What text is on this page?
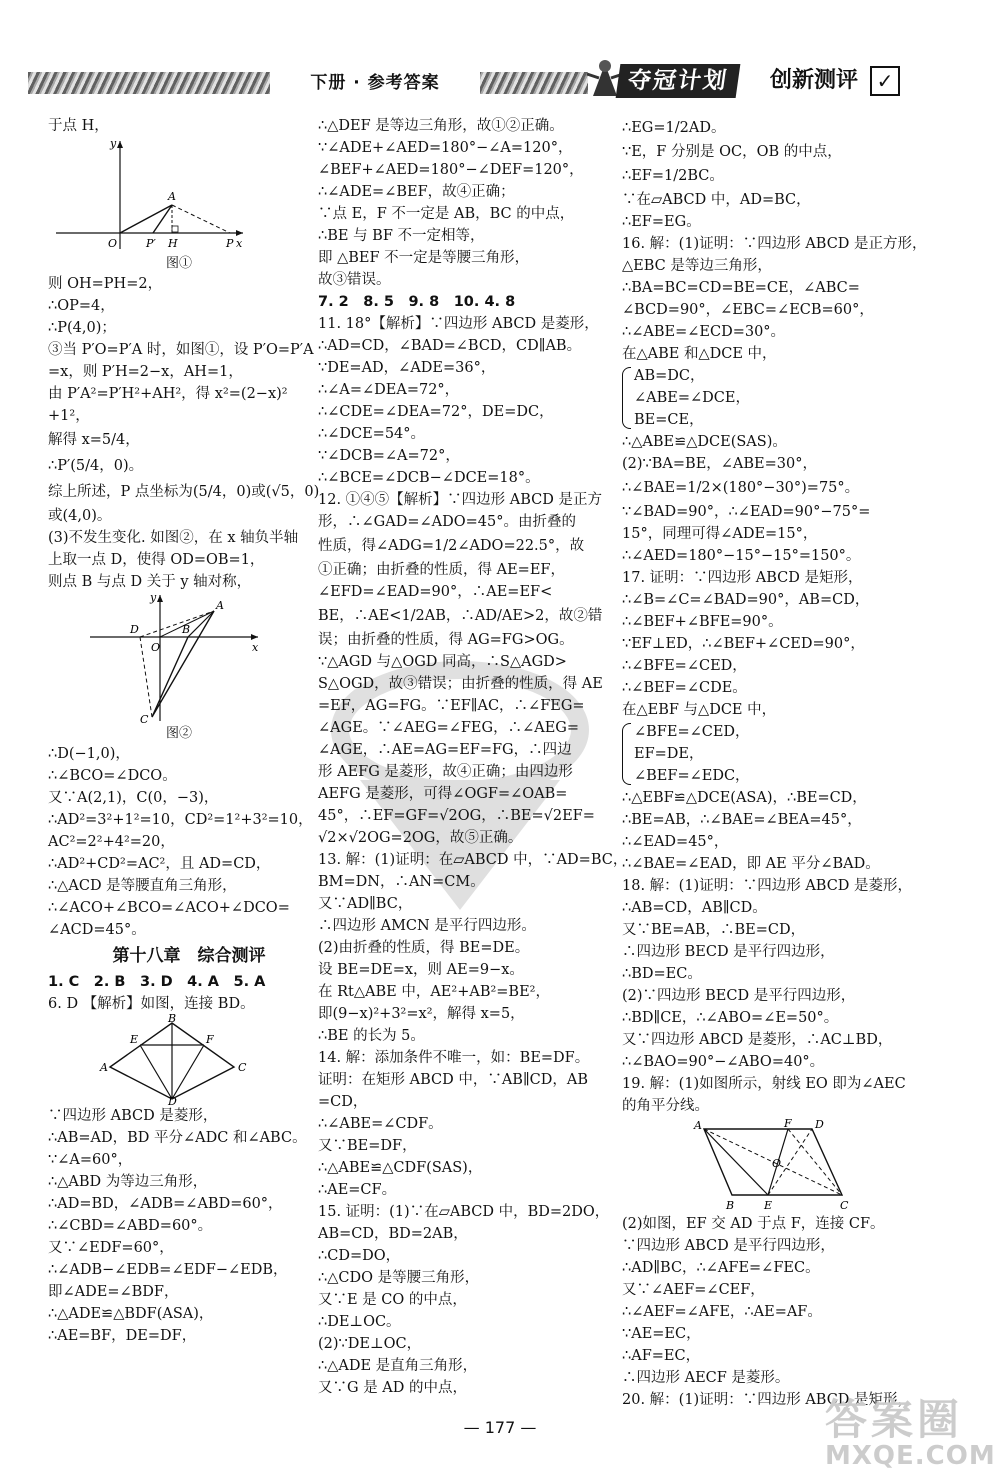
下册 · 参考答案	夺冠计划	创新测评 ✓
于点 H，
y
x
O
A
P′ H	P
图①
则 OH=PH=2，
∴OP=4，
∴P(4,0)；
③当 P′O=P′A 时，如图①，设 P′O=P′A
=x，则 P′H=2−x，AH=1，
由 P′A²=P′H²+AH²，得 x²=(2−x)²
+1²，
解得 x=5/4，
∴P′(5/4，0)。
综上所述，P 点坐标为(5/4，0)或(√5，0)
或(4,0)。
(3)不发生变化. 如图②，在 x 轴负半轴
上取一点 D，使得 OD=OB=1，
则点 B 与点 D 关于 y 轴对称，
y
x
D
O
B
A
C
图②
∴D(−1,0)，
∴∠BCO=∠DCO。
又∵A(2,1)，C(0，−3)，
∴AD²=3²+1²=10，CD²=1²+3²=10，
AC²=2²+4²=20，
∴AD²+CD²=AC²，且 AD=CD，
∴△ACD 是等腰直角三角形，
∴∠ACO+∠BCO=∠ACO+∠DCO=
∠ACD=45°。
第十八章　综合测评
1. C　2. B　3. D　4. A　5. A
6. D 【解析】如图，连接 BD。
A
B
C
D
E	F
∵四边形 ABCD 是菱形，
∴AB=AD，BD 平分∠ADC 和∠ABC。
∵∠A=60°，
∴△ABD 为等边三角形，
∴AD=BD，∠ADB=∠ABD=60°，
∴∠CBD=∠ABD=60°。
又∵∠EDF=60°，
∴∠ADB−∠EDB=∠EDF−∠EDB，
即∠ADE=∠BDF，
∴△ADE≌△BDF(ASA)，
∴AE=BF，DE=DF，
∴△DEF 是等边三角形，故①②正确。
∵∠ADE+∠AED=180°−∠A=120°，
∠BEF+∠AED=180°−∠DEF=120°，
∴∠ADE=∠BEF，故④正确；
∵点 E，F 不一定是 AB，BC 的中点，
∴BE 与 BF 不一定相等，
即 △BEF 不一定是等腰三角形，
故③错误。
7. 2　8. 5　9. 8　10. 4. 8
11. 18°【解析】∵四边形 ABCD 是菱形，
∴AD=CD，∠BAD=∠BCD，CD∥AB。
∵DE=AD，∠ADE=36°，
∴∠A=∠DEA=72°，
∴∠CDE=∠DEA=72°，DE=DC，
∴∠DCE=54°。
∵∠DCB=∠A=72°，
∴∠BCE=∠DCB−∠DCE=18°。
12. ①④⑤【解析】∵四边形 ABCD 是正方
形，∴∠GAD=∠ADO=45°。由折叠的
性质，得∠ADG=1/2∠ADO=22.5°，故
①正确；由折叠的性质，得 AE=EF，
∠EFD=∠EAD=90°，∴AE=EF<
BE，∴AE<1/2AB，∴AD/AE>2，故②错
误；由折叠的性质，得 AG=FG>OG。
∵△AGD 与△OGD 同高，∴S△AGD>
S△OGD，故③错误；由折叠的性质，得 AE
=EF，AG=FG。∵EF∥AC，∴∠FEG=
∠AGE。∵∠AEG=∠FEG，∴∠AEG=
∠AGE，∴AE=AG=EF=FG，∴四边
形 AEFG 是菱形，故④正确；由四边形
AEFG 是菱形，可得∠OGF=∠OAB=
45°，∴EF=GF=√2OG，∴BE=√2EF=
√2×√2OG=2OG，故⑤正确。
13. 解：(1)证明：在▱ABCD 中，∵AD=BC，
BM=DN，∴AN=CM。
又∵AD∥BC，
∴四边形 AMCN 是平行四边形。
(2)由折叠的性质，得 BE=DE。
设 BE=DE=x，则 AE=9−x。
在 Rt△ABE 中，AE²+AB²=BE²，
即(9−x)²+3²=x²，解得 x=5，
∴BE 的长为 5。
14. 解：添加条件不唯一，如：BE=DF。
证明：在矩形 ABCD 中，∵AB∥CD，AB
=CD，
∴∠ABE=∠CDF。
又∵BE=DF，
∴△ABE≌△CDF(SAS)，
∴AE=CF。
15. 证明：(1)∵在▱ABCD 中，BD=2DO，
AB=CD，BD=2AB，
∴CD=DO，
∴△CDO 是等腰三角形，
又∵E 是 CO 的中点，
∴DE⊥OC。
(2)∵DE⊥OC，
∴△ADE 是直角三角形，
又∵G 是 AD 的中点，
∴EG=1/2AD。
∵E，F 分别是 OC，OB 的中点，
∴EF=1/2BC。
∵在▱ABCD 中，AD=BC，
∴EF=EG。
16. 解：(1)证明：∵四边形 ABCD 是正方形，
△EBC 是等边三角形，
∴BA=BC=CD=BE=CE，∠ABC=
∠BCD=90°，∠EBC=∠ECB=60°，
∴∠ABE=∠ECD=30°。
在△ABE 和△DCE 中，
AB=DC，
∠ABE=∠DCE，
BE=CE，
∴△ABE≌△DCE(SAS)。
(2)∵BA=BE，∠ABE=30°，
∴∠BAE=1/2×(180°−30°)=75°。
∵∠BAD=90°，∴∠EAD=90°−75°=
15°，同理可得∠ADE=15°，
∴∠AED=180°−15°−15°=150°。
17. 证明：∵四边形 ABCD 是矩形，
∴∠B=∠C=∠BAD=90°，AB=CD，
∴∠BEF+∠BFE=90°。
∵EF⊥ED，∴∠BEF+∠CED=90°，
∴∠BFE=∠CED，
∴∠BEF=∠CDE。
在△EBF 与△DCE 中，
∠BFE=∠CED，
EF=DE，
∠BEF=∠EDC，
∴△EBF≌△DCE(ASA)，∴BE=CD，
∴BE=AB，∴∠BAE=∠BEA=45°，
∴∠EAD=45°，
∴∠BAE=∠EAD，即 AE 平分∠BAD。
18. 解：(1)证明：∵四边形 ABCD 是菱形，
∴AB=CD，AB∥CD。
又∵BE=AB，∴BE=CD，
∴四边形 BECD 是平行四边形，
∴BD=EC。
(2)∵四边形 BECD 是平行四边形，
∴BD∥CE，∴∠ABO=∠E=50°。
又∵四边形 ABCD 是菱形，∴AC⊥BD，
∴∠BAO=90°−∠ABO=40°。
19. 解：(1)如图所示，射线 EO 即为∠AEC
的角平分线。
A	F D
O
B	E	C
(2)如图，EF 交 AD 于点 F，连接 CF。
∵四边形 ABCD 是平行四边形，
∴AD∥BC，∴∠AFE=∠FEC。
又∵∠AEF=∠CEF，
∴∠AEF=∠AFE，∴AE=AF。
∵AE=EC，
∴AF=EC，
∴四边形 AECF 是菱形。
20. 解：(1)证明：∵四边形 ABCD 是矩形，
— 177 —	答案圈
MXQE.COM
